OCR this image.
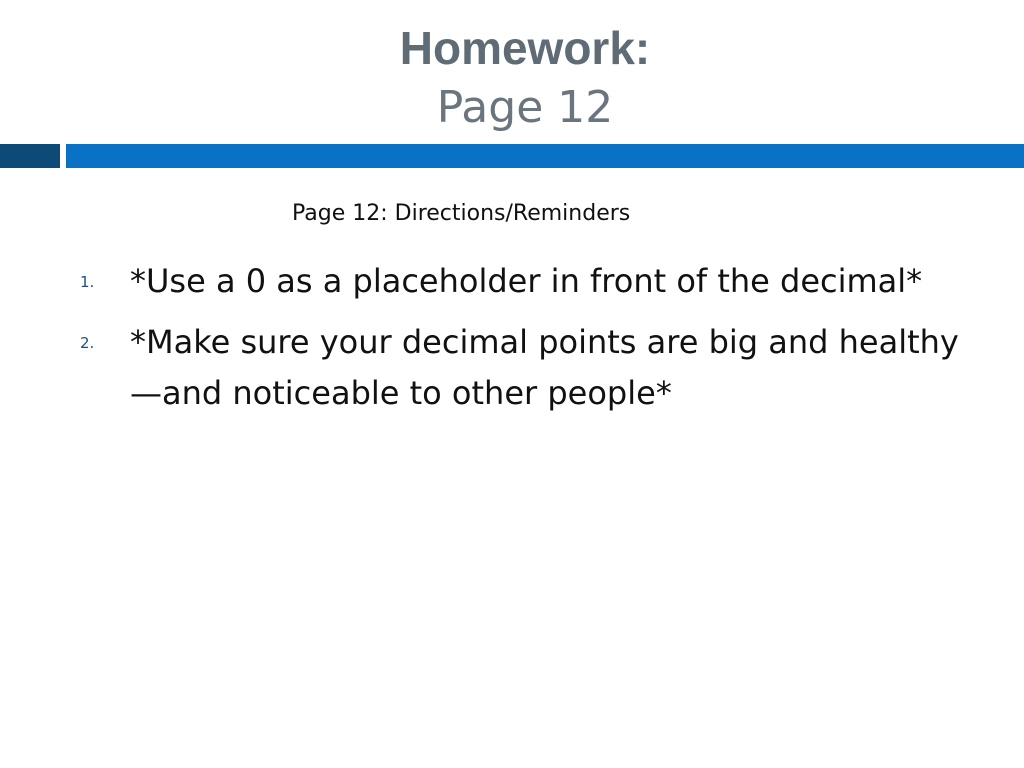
Homework:
Page 12
Page 12: Directions/Reminders
1. *Use a 0 as a placeholder in front of the decimal*
2. *Make sure your decimal points are big and healthy—and noticeable to other people*
